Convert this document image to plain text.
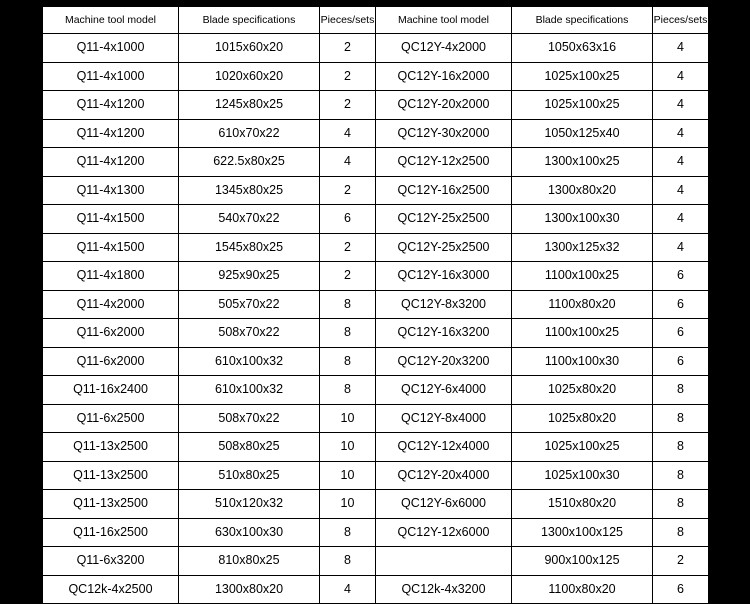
Machine tool model	Blade specifications	Pieces/sets	Machine tool model	Blade specifications	Pieces/sets
Q11-4x1000	1015x60x20	2	QC12Y-4x2000	1050x63x16	4
Q11-4x1000	1020x60x20	2	QC12Y-16x2000	1025x100x25	4
Q11-4x1200	1245x80x25	2	QC12Y-20x2000	1025x100x25	4
Q11-4x1200	610x70x22	4	QC12Y-30x2000	1050x125x40	4
Q11-4x1200	622.5x80x25	4	QC12Y-12x2500	1300x100x25	4
Q11-4x1300	1345x80x25	2	QC12Y-16x2500	1300x80x20	4
Q11-4x1500	540x70x22	6	QC12Y-25x2500	1300x100x30	4
Q11-4x1500	1545x80x25	2	QC12Y-25x2500	1300x125x32	4
Q11-4x1800	925x90x25	2	QC12Y-16x3000	1100x100x25	6
Q11-4x2000	505x70x22	8	QC12Y-8x3200	1100x80x20	6
Q11-6x2000	508x70x22	8	QC12Y-16x3200	1100x100x25	6
Q11-6x2000	610x100x32	8	QC12Y-20x3200	1100x100x30	6
Q11-16x2400	610x100x32	8	QC12Y-6x4000	1025x80x20	8
Q11-6x2500	508x70x22	10	QC12Y-8x4000	1025x80x20	8
Q11-13x2500	508x80x25	10	QC12Y-12x4000	1025x100x25	8
Q11-13x2500	510x80x25	10	QC12Y-20x4000	1025x100x30	8
Q11-13x2500	510x120x32	10	QC12Y-6x6000	1510x80x20	8
Q11-16x2500	630x100x30	8	QC12Y-12x6000	1300x100x125	8
Q11-6x3200	810x80x25	8		900x100x125	2
QC12k-4x2500	1300x80x20	4	QC12k-4x3200	1100x80x20	6
